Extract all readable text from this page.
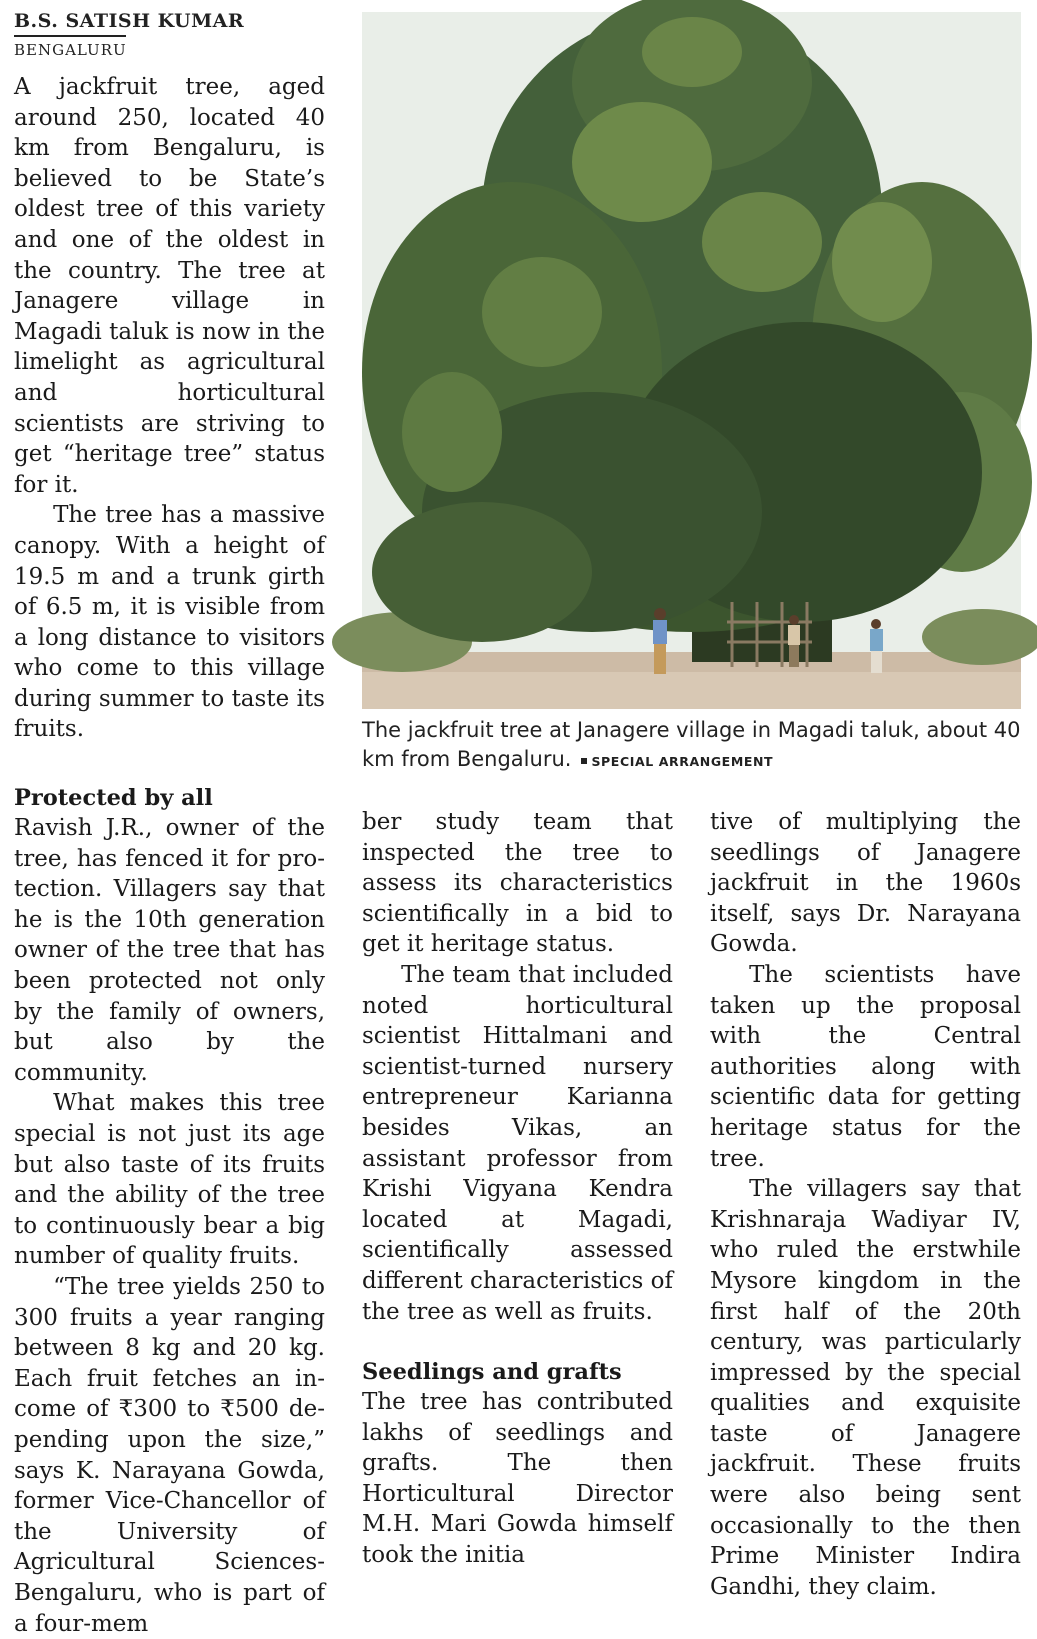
B.S. SATISH KUMAR
BENGALURU

A jackfruit tree, aged around 250, located 40 km from Bengaluru, is believed to be State’s oldest tree of this variety and one of the oldest in the country. The tree at Janagere village in Magadi taluk is now in the limelight as agricultural and horticultural scientists are striving to get “heritage tree” status for it.

The tree has a massive canopy. With a height of 19.5 m and a trunk girth of 6.5 m, it is visible from a long distance to visitors who come to this village during summer to taste its fruits.

Protected by all

Ravish J.R., owner of the tree, has fenced it for protection. Villagers say that he is the 10th generation owner of the tree that has been protected not only by the family of owners, but also by the community.

What makes this tree special is not just its age but also taste of its fruits and the ability of the tree to continuously bear a big number of quality fruits.

“The tree yields 250 to 300 fruits a year ranging between 8 kg and 20 kg. Each fruit fetches an income of ₹300 to ₹500 depending upon the size,” says K. Narayana Gowda, former Vice-Chancellor of the University of Agricultural Sciences-Bengaluru, who is part of a four-mem

The jackfruit tree at Janagere village in Magadi taluk, about 40 km from Bengaluru. SPECIAL ARRANGEMENT

ber study team that inspected the tree to assess its characteristics scientifically in a bid to get it heritage status.

The team that included noted horticultural scientist Hittalmani and scientist-turned nursery entrepreneur Karianna besides Vikas, an assistant professor from Krishi Vigyana Kendra located at Magadi, scientifically assessed different characteristics of the tree as well as fruits.

Seedlings and grafts

The tree has contributed lakhs of seedlings and grafts. The then Horticultural Director M.H. Mari Gowda himself took the initia

tive of multiplying the seedlings of Janagere jackfruit in the 1960s itself, says Dr. Narayana Gowda.

The scientists have taken up the proposal with the Central authorities along with scientific data for getting heritage status for the tree.

The villagers say that Krishnaraja Wadiyar IV, who ruled the erstwhile Mysore kingdom in the first half of the 20th century, was particularly impressed by the special qualities and exquisite taste of Janagere jackfruit. These fruits were also being sent occasionally to the then Prime Minister Indira Gandhi, they claim.
